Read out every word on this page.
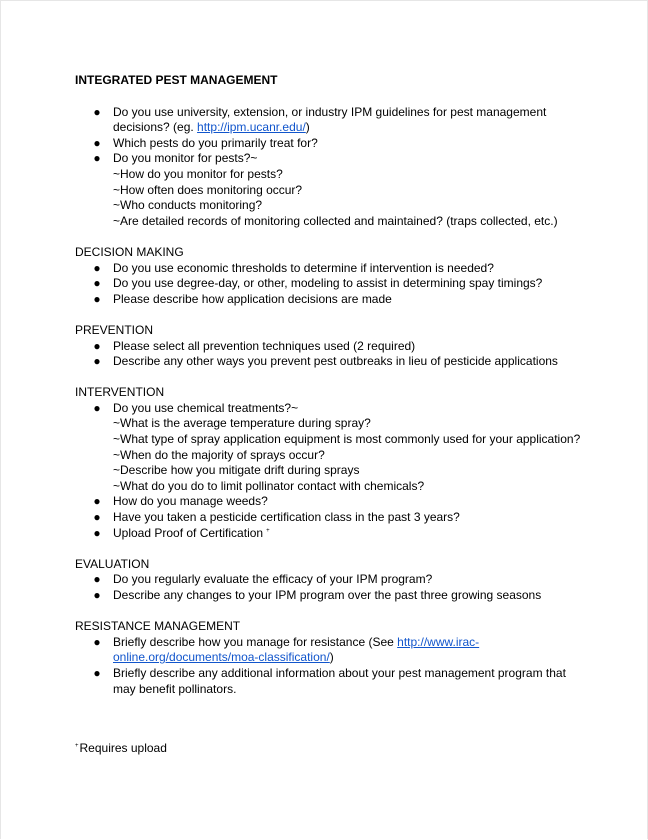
INTEGRATED PEST MANAGEMENT
● Do you use university, extension, or industry IPM guidelines for pest management decisions? (eg. http://ipm.ucanr.edu/)
● Which pests do you primarily treat for?
● Do you monitor for pests?~
~How do you monitor for pests?
~How often does monitoring occur?
~Who conducts monitoring?
~Are detailed records of monitoring collected and maintained? (traps collected, etc.)
DECISION MAKING
● Do you use economic thresholds to determine if intervention is needed?
● Do you use degree-day, or other, modeling to assist in determining spay timings?
● Please describe how application decisions are made
PREVENTION
● Please select all prevention techniques used (2 required)
● Describe any other ways you prevent pest outbreaks in lieu of pesticide applications
INTERVENTION
● Do you use chemical treatments?~
~What is the average temperature during spray?
~What type of spray application equipment is most commonly used for your application?
~When do the majority of sprays occur?
~Describe how you mitigate drift during sprays
~What do you do to limit pollinator contact with chemicals?
● How do you manage weeds?
● Have you taken a pesticide certification class in the past 3 years?
● Upload Proof of Certification +
EVALUATION
● Do you regularly evaluate the efficacy of your IPM program?
● Describe any changes to your IPM program over the past three growing seasons
RESISTANCE MANAGEMENT
● Briefly describe how you manage for resistance (See http://www.irac-online.org/documents/moa-classification/)
● Briefly describe any additional information about your pest management program that may benefit pollinators.
+Requires upload
